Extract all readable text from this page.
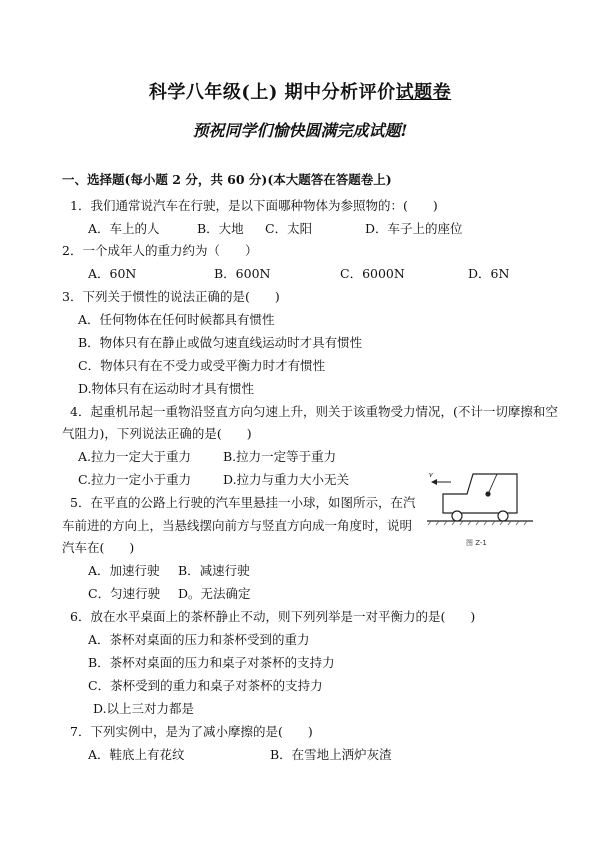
科学八年级(上) 期中分析评价试题卷
预祝同学们愉快圆满完成试题!
一、选择题(每小题 2 分，共 60 分)(本大题答在答题卷上)
1．我们通常说汽车在行驶，是以下面哪种物体为参照物的：(　　)
A．车上的人	B．大地 C．太阳	D．车子上的座位
2．一个成年人的重力约为（　　）
A．60N	B．600N	C．6000N	D．6N
3．下列关于惯性的说法正确的是(　　)
A．任何物体在任何时候都具有惯性
B．物体只有在静止或做匀速直线运动时才具有惯性
C．物体只有在不受力或受平衡力时才有惯性
D.物体只有在运动时才具有惯性
4．起重机吊起一重物沿竖直方向匀速上升，则关于该重物受力情况，(不计一切摩擦和空
气阻力)，下列说法正确的是(　　)
A.拉力一定大于重力	B.拉力一定等于重力
C.拉力一定小于重力	D.拉力与重力大小无关
5．在平直的公路上行驶的汽车里悬挂一小球，如图所示，在汽
车前进的方向上，当悬线摆向前方与竖直方向成一角度时，说明
汽车在(　　)
A．加速行驶 B．减速行驶
C．匀速行驶 D。无法确定
v
图 Z-1
6．放在水平桌面上的茶杯静止不动，则下列列举是一对平衡力的是(　　)
A．茶杯对桌面的压力和茶杯受到的重力
B．茶杯对桌面的压力和桌子对茶杯的支持力
C．茶杯受到的重力和桌子对茶杯的支持力
D.以上三对力都是
7．下列实例中，是为了减小摩擦的是(　　)
A．鞋底上有花纹	B．在雪地上洒炉灰渣
